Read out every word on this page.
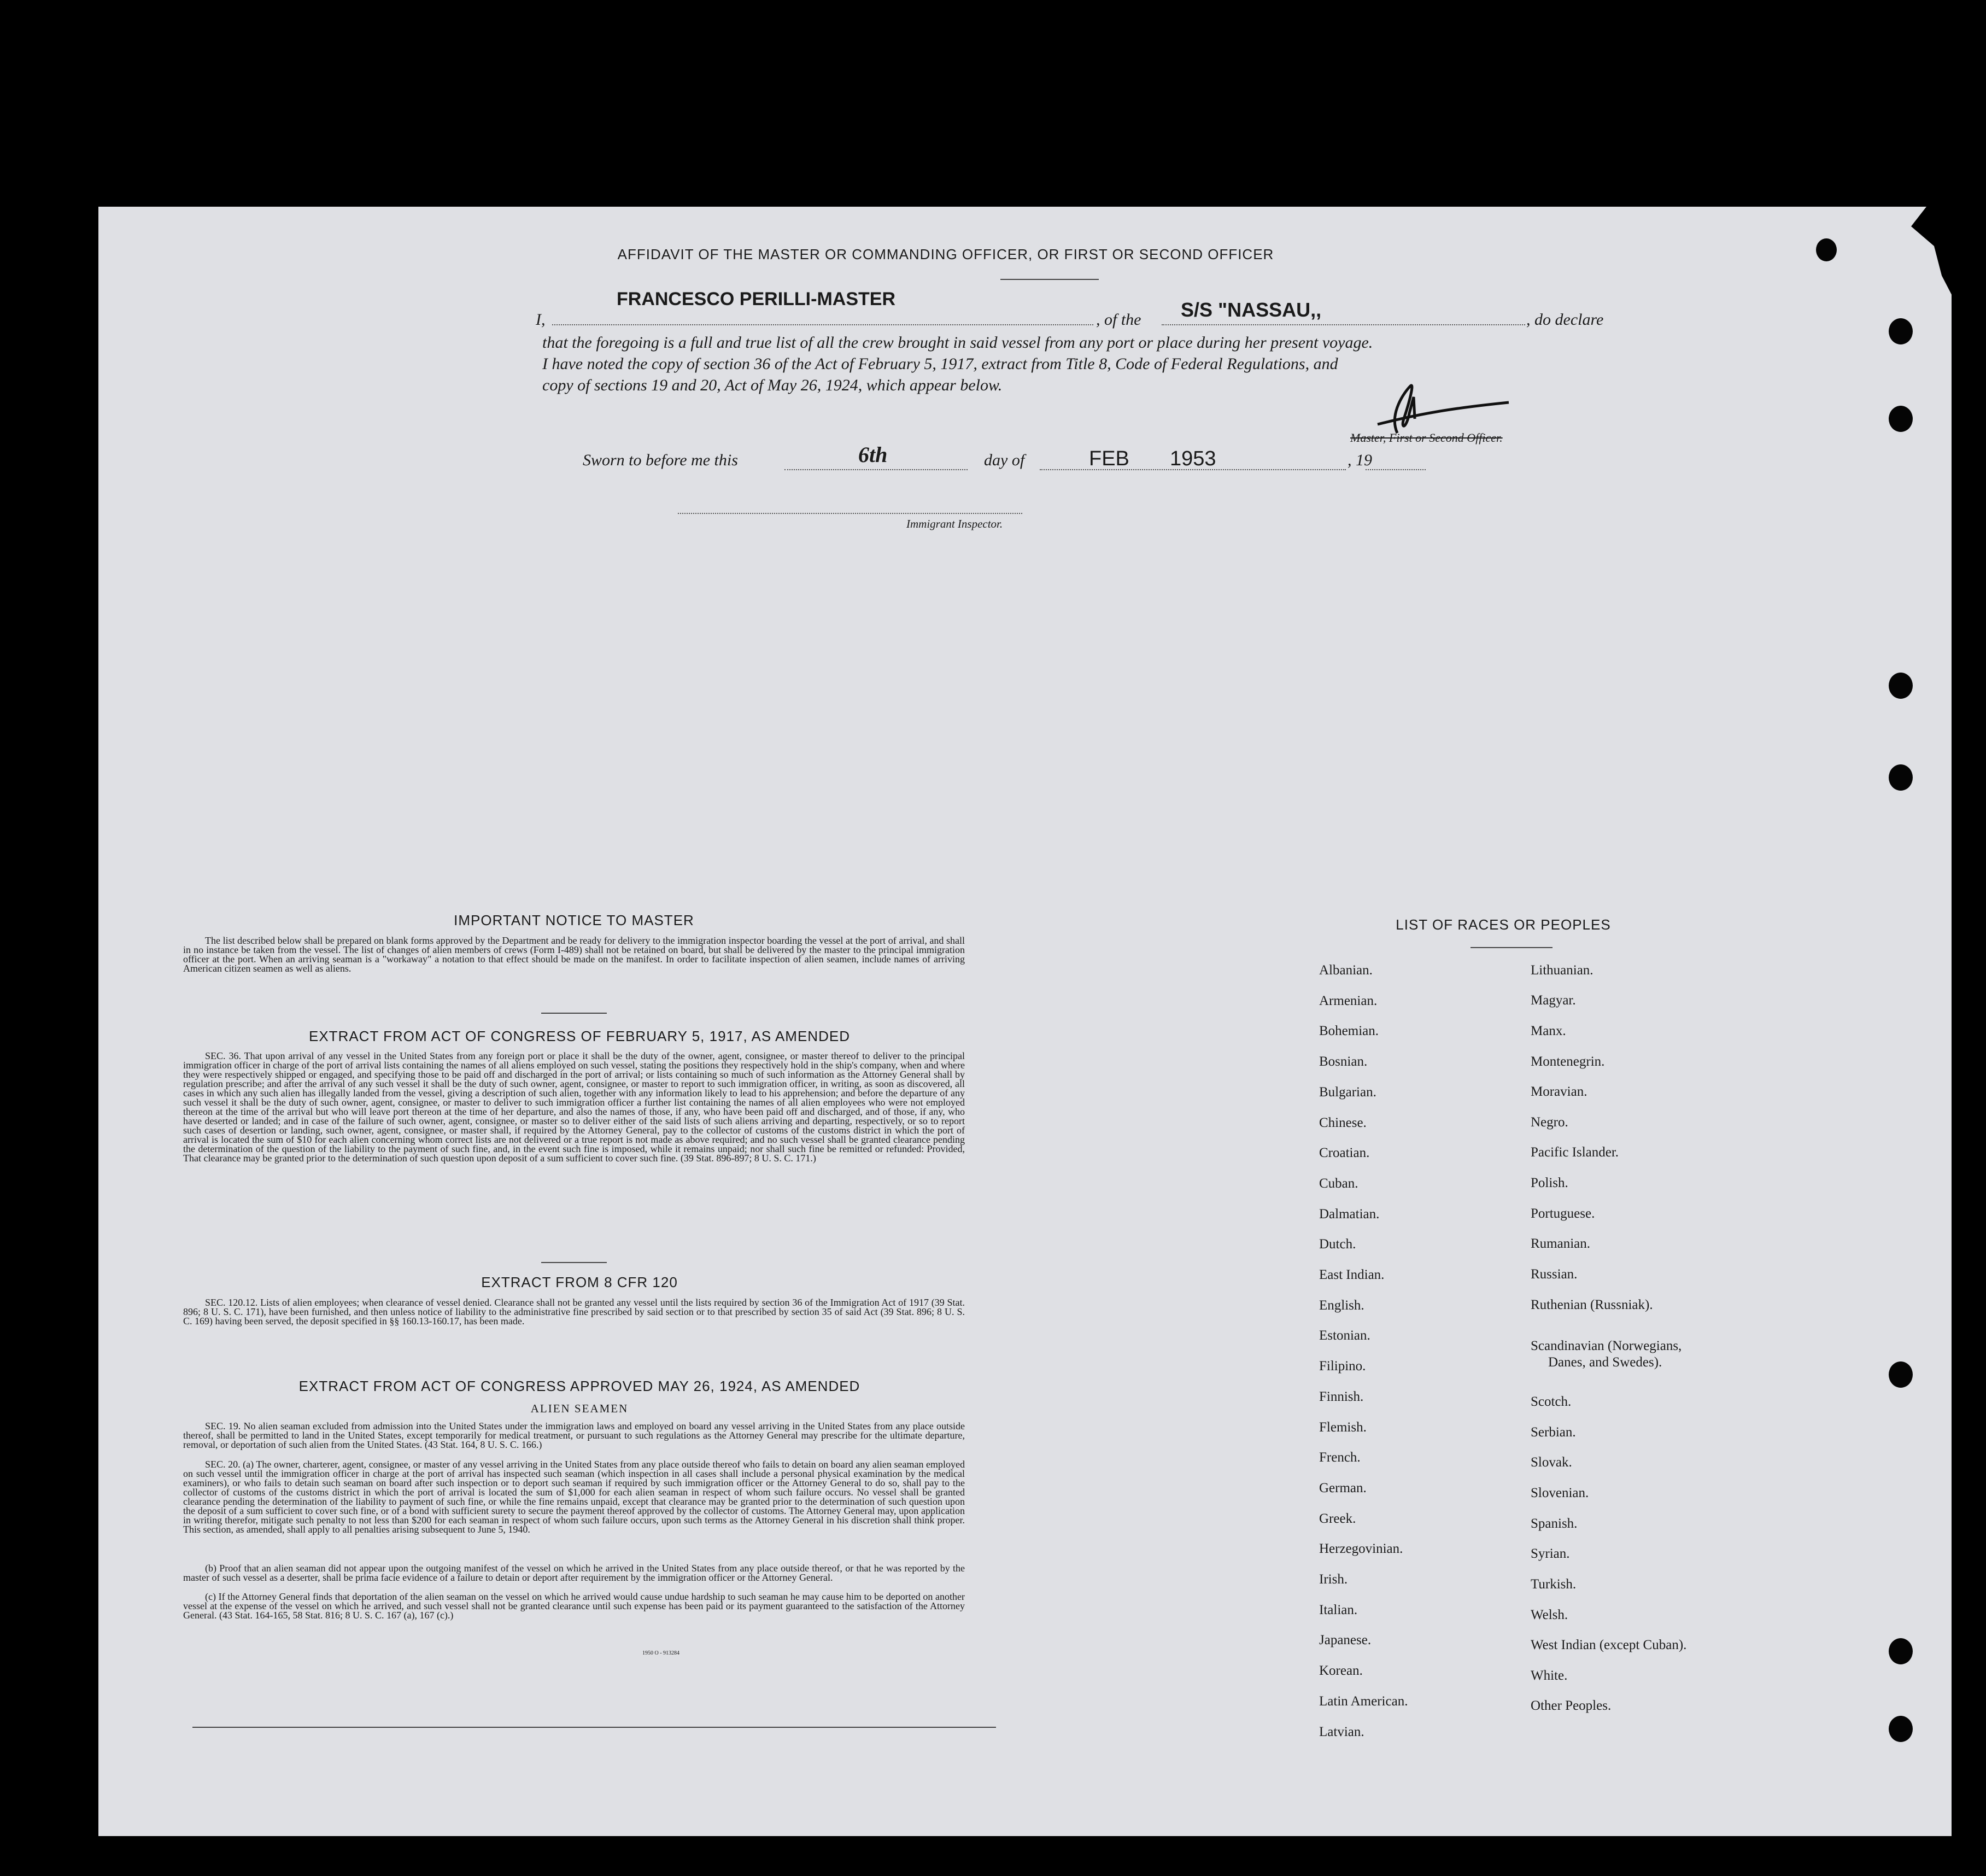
AFFIDAVIT OF THE MASTER OR COMMANDING OFFICER, OR FIRST OR SECOND OFFICER
I,
FRANCESCO PERILLI-MASTER
, of the S/S "NASSAU,,	, do declare
that the foregoing is a full and true list of all the crew brought in said vessel from any port or place during her present voyage.
I have noted the copy of section 36 of the Act of February 5, 1917, extract from Title 8, Code of Federal Regulations, and
copy of sections 19 and 20, Act of May 26, 1924, which appear below.
Master, First or Second Officer.
Sworn to before me this	6th	day of	FEB 1953	, 19
Immigrant Inspector.
IMPORTANT NOTICE TO MASTER
The list described below shall be prepared on blank forms approved by the Department and be ready for delivery to the immigration inspector boarding the vessel at the port of arrival, and shall in no instance be taken from the vessel. The list of changes of alien members of crews (Form I-489) shall not be retained on board, but shall be delivered by the master to the principal immigration officer at the port. When an arriving seaman is a "workaway" a notation to that effect should be made on the manifest. In order to facilitate inspection of alien seamen, include names of arriving American citizen seamen as well as aliens.
EXTRACT FROM ACT OF CONGRESS OF FEBRUARY 5, 1917, AS AMENDED
SEC. 36. That upon arrival of any vessel in the United States from any foreign port or place it shall be the duty of the owner, agent, consignee, or master thereof to deliver to the principal immigration officer in charge of the port of arrival lists containing the names of all aliens employed on such vessel, stating the positions they respectively hold in the ship's company, when and where they were respectively shipped or engaged, and specifying those to be paid off and discharged in the port of arrival; or lists containing so much of such information as the Attorney General shall by regulation prescribe; and after the arrival of any such vessel it shall be the duty of such owner, agent, consignee, or master to report to such immigration officer, in writing, as soon as discovered, all cases in which any such alien has illegally landed from the vessel, giving a description of such alien, together with any information likely to lead to his apprehension; and before the departure of any such vessel it shall be the duty of such owner, agent, consignee, or master to deliver to such immigration officer a further list containing the names of all alien employees who were not employed thereon at the time of the arrival but who will leave port thereon at the time of her departure, and also the names of those, if any, who have been paid off and discharged, and of those, if any, who have deserted or landed; and in case of the failure of such owner, agent, consignee, or master so to deliver either of the said lists of such aliens arriving and departing, respectively, or so to report such cases of desertion or landing, such owner, agent, consignee, or master shall, if required by the Attorney General, pay to the collector of customs of the customs district in which the port of arrival is located the sum of $10 for each alien concerning whom correct lists are not delivered or a true report is not made as above required; and no such vessel shall be granted clearance pending the determination of the question of the liability to the payment of such fine, and, in the event such fine is imposed, while it remains unpaid; nor shall such fine be remitted or refunded: Provided, That clearance may be granted prior to the determination of such question upon deposit of a sum sufficient to cover such fine. (39 Stat. 896-897; 8 U. S. C. 171.)
EXTRACT FROM 8 CFR 120
SEC. 120.12. Lists of alien employees; when clearance of vessel denied. Clearance shall not be granted any vessel until the lists required by section 36 of the Immigration Act of 1917 (39 Stat. 896; 8 U. S. C. 171), have been furnished, and then unless notice of liability to the administrative fine prescribed by said section or to that prescribed by section 35 of said Act (39 Stat. 896; 8 U. S. C. 169) having been served, the deposit specified in §§ 160.13-160.17, has been made.
EXTRACT FROM ACT OF CONGRESS APPROVED MAY 26, 1924, AS AMENDED
ALIEN SEAMEN
SEC. 19. No alien seaman excluded from admission into the United States under the immigration laws and employed on board any vessel arriving in the United States from any place outside thereof, shall be permitted to land in the United States, except temporarily for medical treatment, or pursuant to such regulations as the Attorney General may prescribe for the ultimate departure, removal, or deportation of such alien from the United States. (43 Stat. 164, 8 U. S. C. 166.)
SEC. 20. (a) The owner, charterer, agent, consignee, or master of any vessel arriving in the United States from any place outside thereof who fails to detain on board any alien seaman employed on such vessel until the immigration officer in charge at the port of arrival has inspected such seaman (which inspection in all cases shall include a personal physical examination by the medical examiners), or who fails to detain such seaman on board after such inspection or to deport such seaman if required by such immigration officer or the Attorney General to do so, shall pay to the collector of customs of the customs district in which the port of arrival is located the sum of $1,000 for each alien seaman in respect of whom such failure occurs. No vessel shall be granted clearance pending the determination of the liability to payment of such fine, or while the fine remains unpaid, except that clearance may be granted prior to the determination of such question upon the deposit of a sum sufficient to cover such fine, or of a bond with sufficient surety to secure the payment thereof approved by the collector of customs. The Attorney General may, upon application in writing therefor, mitigate such penalty to not less than $200 for each seaman in respect of whom such failure occurs, upon such terms as the Attorney General in his discretion shall think proper. This section, as amended, shall apply to all penalties arising subsequent to June 5, 1940.
(b) Proof that an alien seaman did not appear upon the outgoing manifest of the vessel on which he arrived in the United States from any place outside thereof, or that he was reported by the master of such vessel as a deserter, shall be prima facie evidence of a failure to detain or deport after requirement by the immigration officer or the Attorney General.
(c) If the Attorney General finds that deportation of the alien seaman on the vessel on which he arrived would cause undue hardship to such seaman he may cause him to be deported on another vessel at the expense of the vessel on which he arrived, and such vessel shall not be granted clearance until such expense has been paid or its payment guaranteed to the satisfaction of the Attorney General. (43 Stat. 164-165, 58 Stat. 816; 8 U. S. C. 167 (a), 167 (c).)
1950 O - 913284
LIST OF RACES OR PEOPLES
Albanian.
Armenian.
Bohemian.
Bosnian.
Bulgarian.
Chinese.
Croatian.
Cuban.
Dalmatian.
Dutch.
East Indian.
English.
Estonian.
Filipino.
Finnish.
Flemish.
French.
German.
Greek.
Herzegovinian.
Irish.
Italian.
Japanese.
Korean.
Latin American.
Latvian.
Lithuanian.
Magyar.
Manx.
Montenegrin.
Moravian.
Negro.
Pacific Islander.
Polish.
Portuguese.
Rumanian.
Russian.
Ruthenian (Russniak).
Scandinavian (Norwegians,
Danes, and Swedes).
Scotch.
Serbian.
Slovak.
Slovenian.
Spanish.
Syrian.
Turkish.
Welsh.
West Indian (except Cuban).
White.
Other Peoples.
